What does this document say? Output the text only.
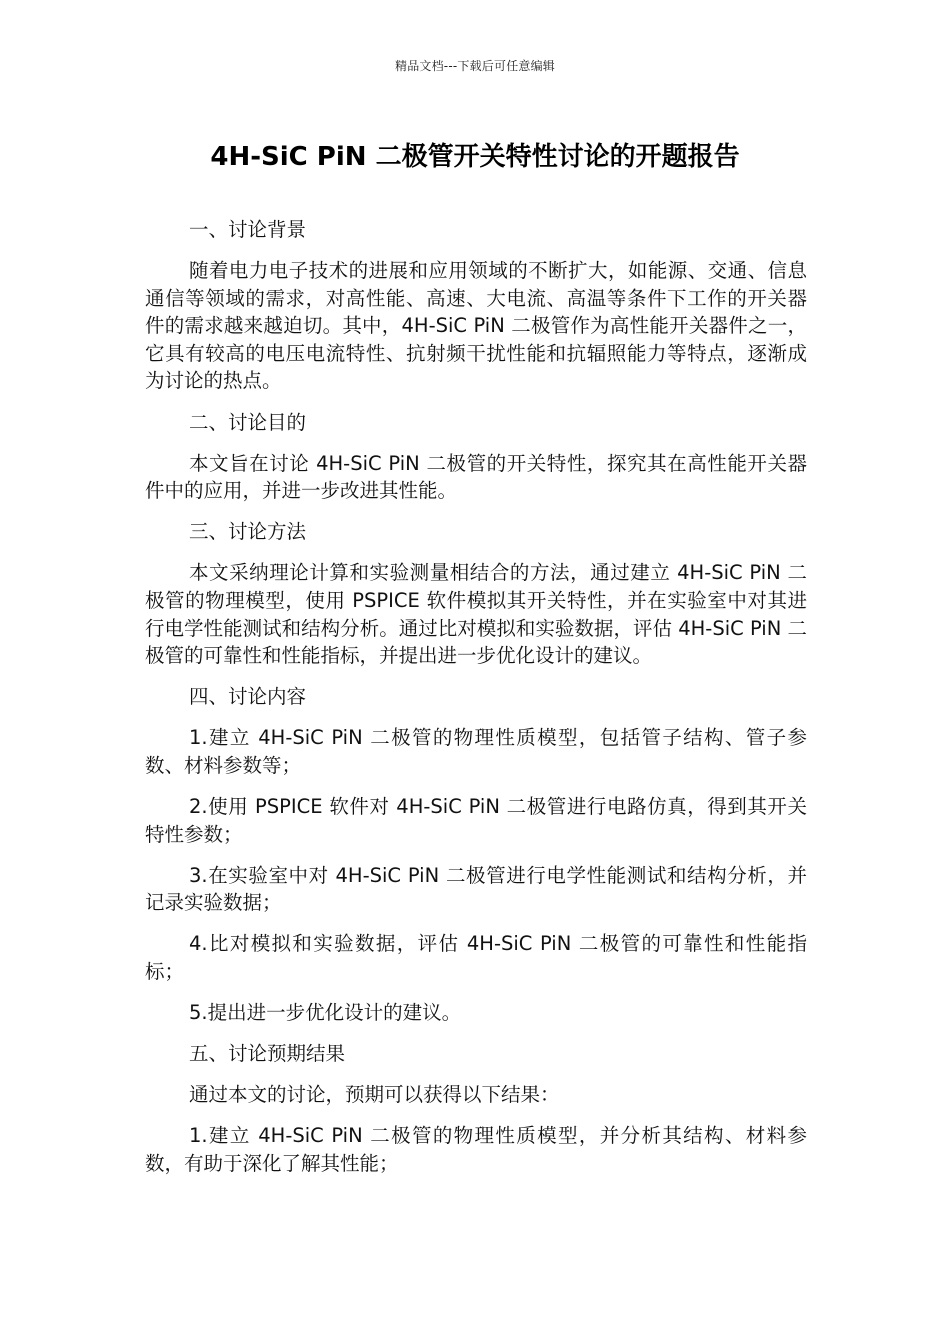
精品文档---下载后可任意编辑
4H-SiC PiN 二极管开关特性讨论的开题报告

一、讨论背景

随着电力电子技术的进展和应用领域的不断扩大，如能源、交通、信息通信等领域的需求，对高性能、高速、大电流、高温等条件下工作的开关器件的需求越来越迫切。其中，4H-SiC PiN 二极管作为高性能开关器件之一，它具有较高的电压电流特性、抗射频干扰性能和抗辐照能力等特点，逐渐成为讨论的热点。

二、讨论目的

本文旨在讨论 4H-SiC PiN 二极管的开关特性，探究其在高性能开关器件中的应用，并进一步改进其性能。

三、讨论方法

本文采纳理论计算和实验测量相结合的方法，通过建立 4H-SiC PiN 二极管的物理模型，使用 PSPICE 软件模拟其开关特性，并在实验室中对其进行电学性能测试和结构分析。通过比对模拟和实验数据，评估 4H-SiC PiN 二极管的可靠性和性能指标，并提出进一步优化设计的建议。

四、讨论内容

1.建立 4H-SiC PiN 二极管的物理性质模型，包括管子结构、管子参数、材料参数等；

2.使用 PSPICE 软件对 4H-SiC PiN 二极管进行电路仿真，得到其开关特性参数；

3.在实验室中对 4H-SiC PiN 二极管进行电学性能测试和结构分析，并记录实验数据；

4.比对模拟和实验数据，评估 4H-SiC PiN 二极管的可靠性和性能指标；

5.提出进一步优化设计的建议。

五、讨论预期结果

通过本文的讨论，预期可以获得以下结果：

1.建立 4H-SiC PiN 二极管的物理性质模型，并分析其结构、材料参数，有助于深化了解其性能；
